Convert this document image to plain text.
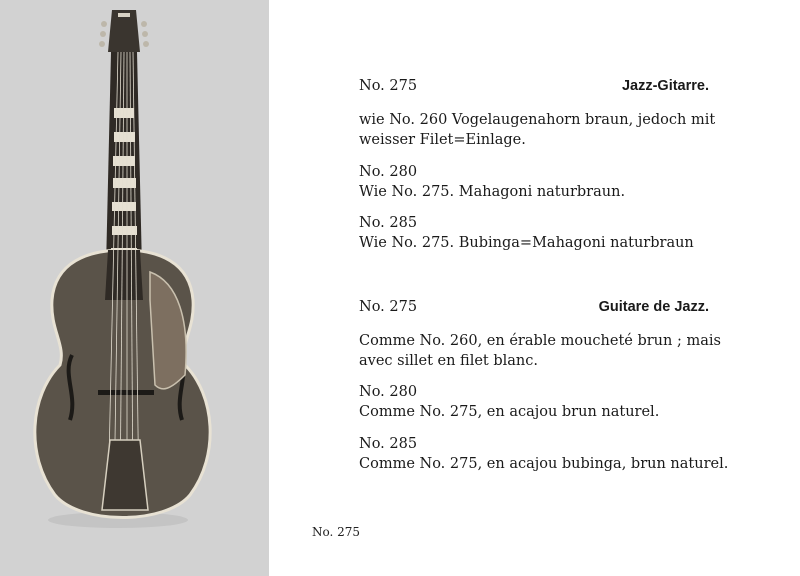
No. 275
No. 275	Jazz-Gitarre.
wie No. 260 Vogelaugenahorn braun, jedoch mit
weisser Filet=Einlage.
No. 280
Wie No. 275. Mahagoni naturbraun.
No. 285
Wie No. 275. Bubinga=Mahagoni naturbraun
No. 275	Guitare de Jazz.
Comme No. 260, en érable moucheté brun ; mais
avec sillet en filet blanc.
No. 280
Comme No. 275, en acajou brun naturel.
No. 285
Comme No. 275, en acajou bubinga, brun naturel.
